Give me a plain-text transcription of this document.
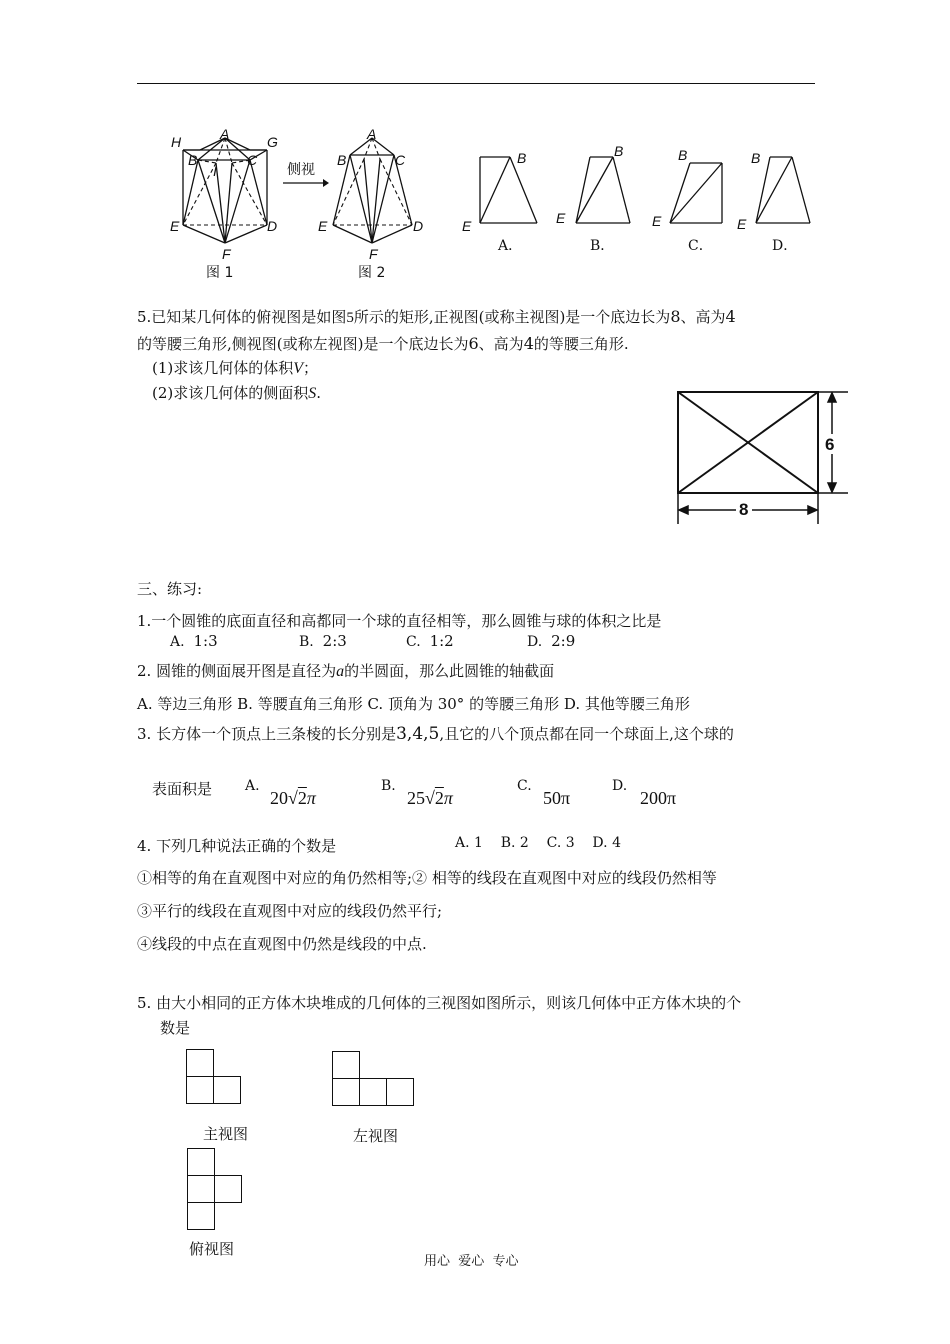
H	A	G
B	C
I
E	D
F
图 1
侧视
A
B	C
E	D
F
图 2
B
E
A．
B
E
B．
B
E
C．
B
E
D．
5.已知某几何体的俯视图是如图5所示的矩形,正视图(或称主视图)是一个底边长为8、高为4
的等腰三角形,侧视图(或称左视图)是一个底边长为6、高为4的等腰三角形.
(1)求该几何体的体积V；
(2)求该几何体的侧面积S.
6
8
三、练习:
1.一个圆锥的底面直径和高都同一个球的直径相等，那么圆锥与球的体积之比是
A. 1:3	B. 2:3	C. 1:2	D. 2:9
2. 圆锥的侧面展开图是直径为a的半圆面，那么此圆锥的轴截面
A. 等边三角形 B. 等腰直角三角形 C. 顶角为 30° 的等腰三角形 D. 其他等腰三角形
3. 长方体一个顶点上三条棱的长分别是3,4,5,且它的八个顶点都在同一个球面上,这个球的
表面积是 A.
20√2π
B.
25√2π
C.
50π
D.
200π
4. 下列几种说法正确的个数是	A. 1    B. 2    C. 3    D. 4
①相等的角在直观图中对应的角仍然相等;② 相等的线段在直观图中对应的线段仍然相等
③平行的线段在直观图中对应的线段仍然平行;
④线段的中点在直观图中仍然是线段的中点.
5. 由大小相同的正方体木块堆成的几何体的三视图如图所示，则该几何体中正方体木块的个
数是
主视图	左视图
俯视图
用心  爱心  专心
